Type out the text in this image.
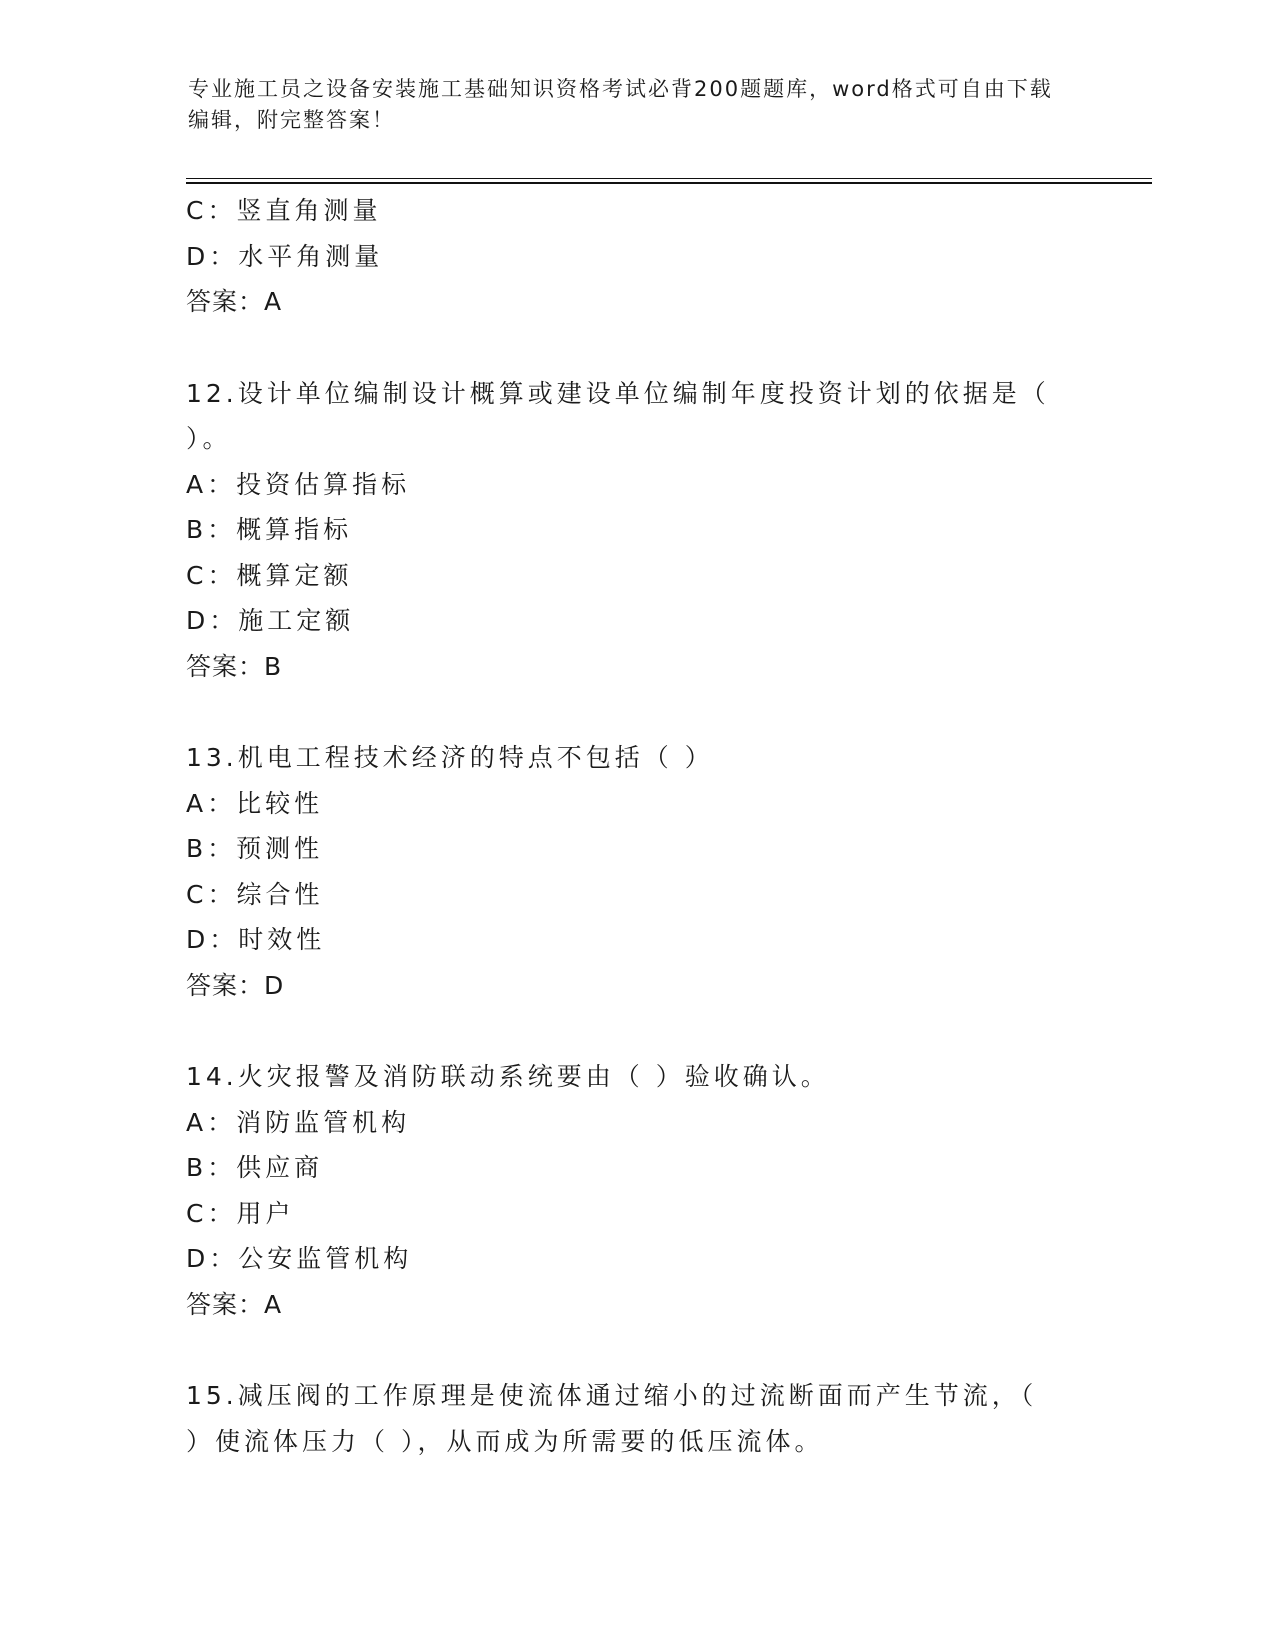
专业施工员之设备安装施工基础知识资格考试必背200题题库，word格式可自由下载编辑，附完整答案！
C：竖直角测量
D：水平角测量
答案：A
12.设计单位编制设计概算或建设单位编制年度投资计划的依据是（
）。
A：投资估算指标
B：概算指标
C：概算定额
D：施工定额
答案：B
13.机电工程技术经济的特点不包括（ ）
A：比较性
B：预测性
C：综合性
D：时效性
答案：D
14.火灾报警及消防联动系统要由（ ）验收确认。
A：消防监管机构
B：供应商
C：用户
D：公安监管机构
答案：A
15.减压阀的工作原理是使流体通过缩小的过流断面而产生节流，（
）使流体压力（ ），从而成为所需要的低压流体。
